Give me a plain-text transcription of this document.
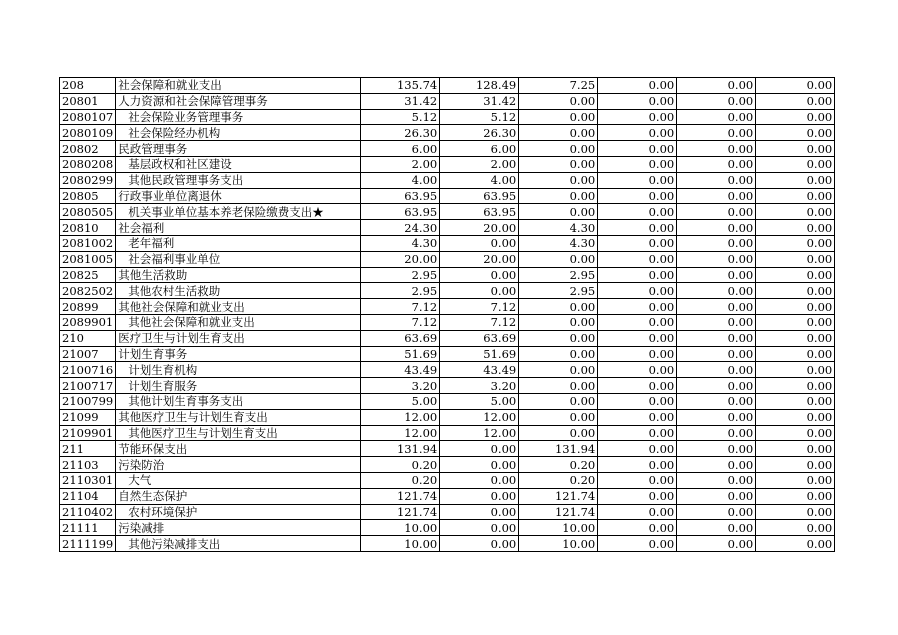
208	社会保障和就业支出	135.74	128.49	7.25	0.00	0.00	0.00
20801	人力资源和社会保障管理事务	31.42	31.42	0.00	0.00	0.00	0.00
2080107	社会保险业务管理事务	5.12	5.12	0.00	0.00	0.00	0.00
2080109	社会保险经办机构	26.30	26.30	0.00	0.00	0.00	0.00
20802	民政管理事务	6.00	6.00	0.00	0.00	0.00	0.00
2080208	基层政权和社区建设	2.00	2.00	0.00	0.00	0.00	0.00
2080299	其他民政管理事务支出	4.00	4.00	0.00	0.00	0.00	0.00
20805	行政事业单位离退休	63.95	63.95	0.00	0.00	0.00	0.00
2080505	机关事业单位基本养老保险缴费支出★	63.95	63.95	0.00	0.00	0.00	0.00
20810	社会福利	24.30	20.00	4.30	0.00	0.00	0.00
2081002	老年福利	4.30	0.00	4.30	0.00	0.00	0.00
2081005	社会福利事业单位	20.00	20.00	0.00	0.00	0.00	0.00
20825	其他生活救助	2.95	0.00	2.95	0.00	0.00	0.00
2082502	其他农村生活救助	2.95	0.00	2.95	0.00	0.00	0.00
20899	其他社会保障和就业支出	7.12	7.12	0.00	0.00	0.00	0.00
2089901	其他社会保障和就业支出	7.12	7.12	0.00	0.00	0.00	0.00
210	医疗卫生与计划生育支出	63.69	63.69	0.00	0.00	0.00	0.00
21007	计划生育事务	51.69	51.69	0.00	0.00	0.00	0.00
2100716	计划生育机构	43.49	43.49	0.00	0.00	0.00	0.00
2100717	计划生育服务	3.20	3.20	0.00	0.00	0.00	0.00
2100799	其他计划生育事务支出	5.00	5.00	0.00	0.00	0.00	0.00
21099	其他医疗卫生与计划生育支出	12.00	12.00	0.00	0.00	0.00	0.00
2109901	其他医疗卫生与计划生育支出	12.00	12.00	0.00	0.00	0.00	0.00
211	节能环保支出	131.94	0.00	131.94	0.00	0.00	0.00
21103	污染防治	0.20	0.00	0.20	0.00	0.00	0.00
2110301	大气	0.20	0.00	0.20	0.00	0.00	0.00
21104	自然生态保护	121.74	0.00	121.74	0.00	0.00	0.00
2110402	农村环境保护	121.74	0.00	121.74	0.00	0.00	0.00
21111	污染减排	10.00	0.00	10.00	0.00	0.00	0.00
2111199	其他污染减排支出	10.00	0.00	10.00	0.00	0.00	0.00
